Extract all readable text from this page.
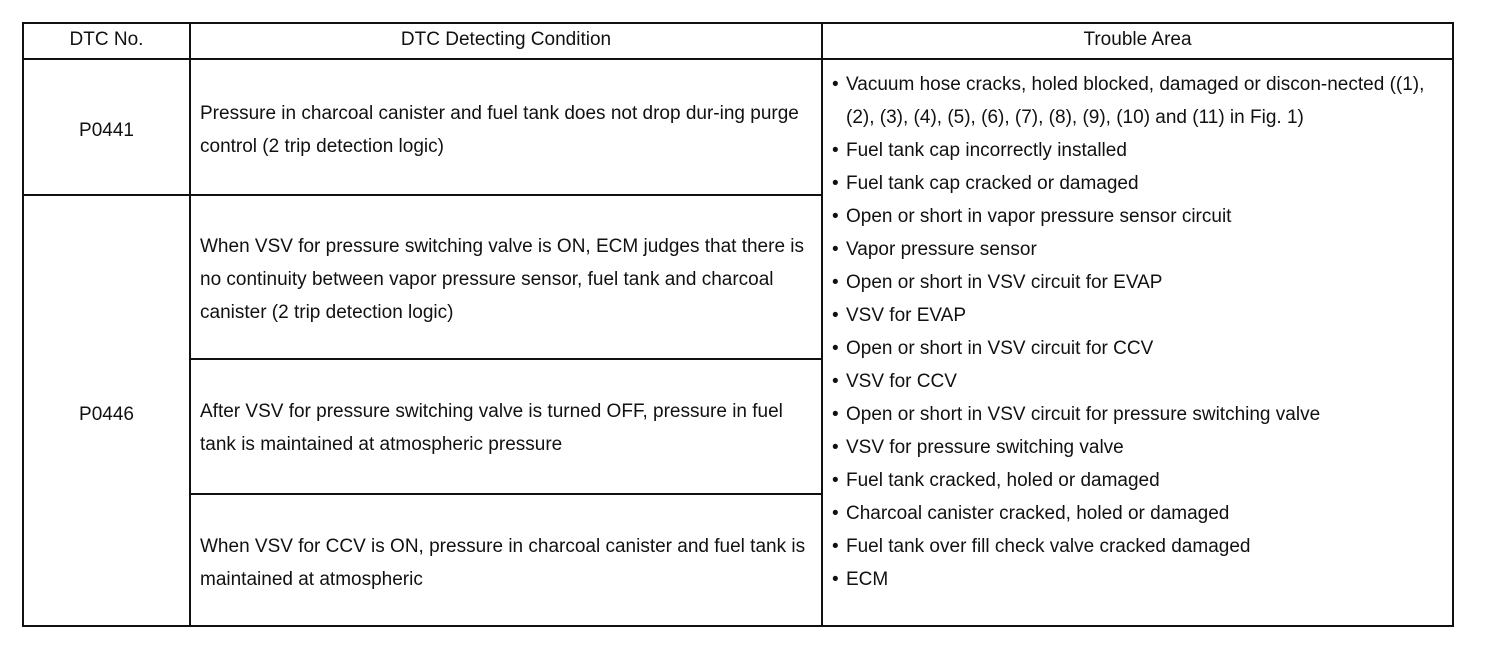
DTC No.	DTC Detecting Condition	Trouble Area
P0441
P0446
Pressure in charcoal canister and fuel tank does not drop dur-ing purge control (2 trip detection logic)
When VSV for pressure switching valve is ON, ECM judges that there is no continuity between vapor pressure sensor, fuel tank and charcoal canister (2 trip detection logic)
After VSV for pressure switching valve is turned OFF, pressure in fuel tank is maintained at atmospheric pressure
When VSV for CCV is ON, pressure in charcoal canister and fuel tank is maintained at atmospheric
• Vacuum hose cracks, holed blocked, damaged or discon-nected ((1), (2), (3), (4), (5), (6), (7), (8), (9), (10) and (11) in Fig. 1)
• Fuel tank cap incorrectly installed
• Fuel tank cap cracked or damaged
• Open or short in vapor pressure sensor circuit
• Vapor pressure sensor
• Open or short in VSV circuit for EVAP
• VSV for EVAP
• Open or short in VSV circuit for CCV
• VSV for CCV
• Open or short in VSV circuit for pressure switching valve
• VSV for pressure switching valve
• Fuel tank cracked, holed or damaged
• Charcoal canister cracked, holed or damaged
• Fuel tank over fill check valve cracked damaged
• ECM
